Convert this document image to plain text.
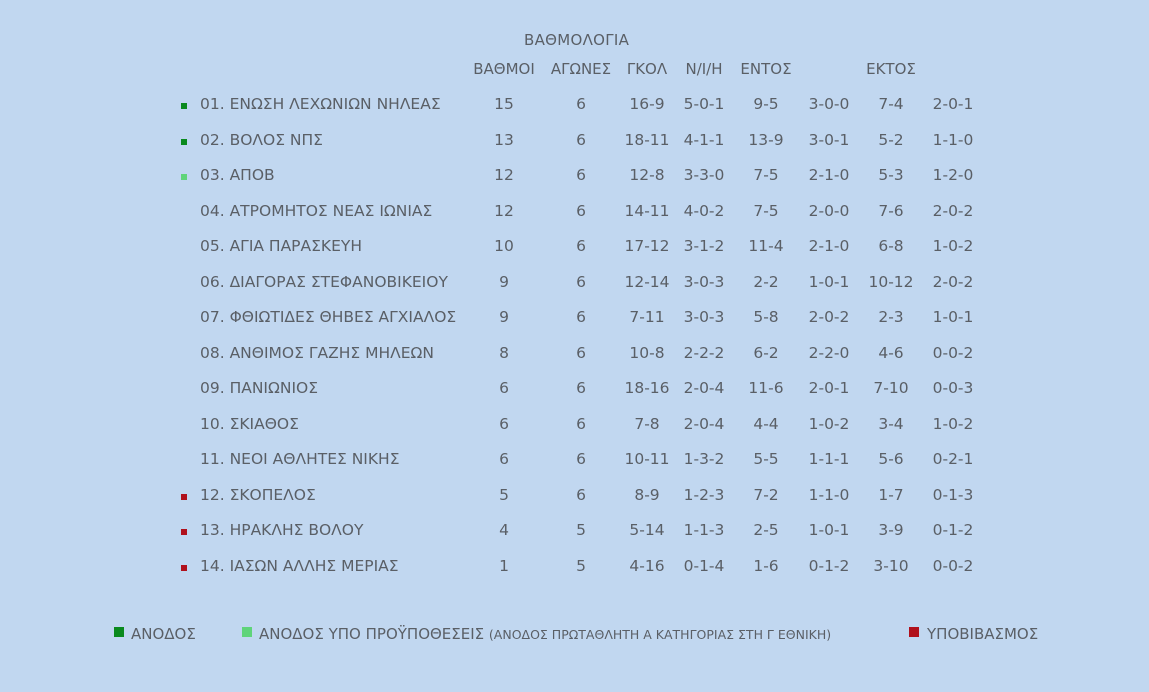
ΒΑΘΜΟΛΟΓΙΑ
ΒΑΘΜΟΙ ΑΓΩΝΕΣ ΓΚΟΛ Ν/Ι/Η ΕΝΤΟΣ	ΕΚΤΟΣ
01. ΕΝΩΣΗ ΛΕΧΩΝΙΩΝ ΝΗΛΕΑΣ	15	6	16-9 5-0-1 9-5 3-0-0 7-4 2-0-1
02. ΒΟΛΟΣ ΝΠΣ	13	6 18-11 4-1-1 13-9 3-0-1 5-2 1-1-0
03. ΑΠΟΒ	12	6	12-8 3-3-0 7-5 2-1-0 5-3 1-2-0
04. ΑΤΡΟΜΗΤΟΣ ΝΕΑΣ ΙΩΝΙΑΣ	12	6 14-11 4-0-2 7-5 2-0-0 7-6 2-0-2
05. ΑΓΙΑ ΠΑΡΑΣΚΕΥΗ	10	6 17-12 3-1-2 11-4 2-1-0 6-8 1-0-2
06. ΔΙΑΓΟΡΑΣ ΣΤΕΦΑΝΟΒΙΚΕΙΟΥ	9	6 12-14 3-0-3 2-2 1-0-1 10-12 2-0-2
07. ΦΘΙΩΤΙΔΕΣ ΘΗΒΕΣ ΑΓΧΙΑΛΟΣ	9	6	7-11 3-0-3 5-8 2-0-2 2-3 1-0-1
08. ΑΝΘΙΜΟΣ ΓΑΖΗΣ ΜΗΛΕΩΝ	8	6	10-8 2-2-2 6-2 2-2-0 4-6 0-0-2
09. ΠΑΝΙΩΝΙΟΣ	6	6 18-16 2-0-4 11-6 2-0-1 7-10 0-0-3
10. ΣΚΙΑΘΟΣ	6	6	7-8 2-0-4 4-4 1-0-2 3-4 1-0-2
11. ΝΕΟΙ ΑΘΛΗΤΕΣ ΝΙΚΗΣ	6	6 10-11 1-3-2 5-5 1-1-1 5-6 0-2-1
12. ΣΚΟΠΕΛΟΣ	5	6	8-9 1-2-3 7-2 1-1-0 1-7 0-1-3
13. ΗΡΑΚΛΗΣ ΒΟΛΟΥ	4	5	5-14 1-1-3 2-5 1-0-1 3-9 0-1-2
14. ΙΑΣΩΝ ΑΛΛΗΣ ΜΕΡΙΑΣ	1	5	4-16 0-1-4 1-6 0-1-2 3-10 0-0-2
ΑΝΟΔΟΣ	ΑΝΟΔΟΣ ΥΠΟ ΠΡΟΫΠΟΘΕΣΕΙΣ (ΑΝΟΔΟΣ ΠΡΩΤΑΘΛΗΤΗ Α ΚΑΤΗΓΟΡΙΑΣ ΣΤΗ Γ ΕΘΝΙΚΗ)	ΥΠΟΒΙΒΑΣΜΟΣ
